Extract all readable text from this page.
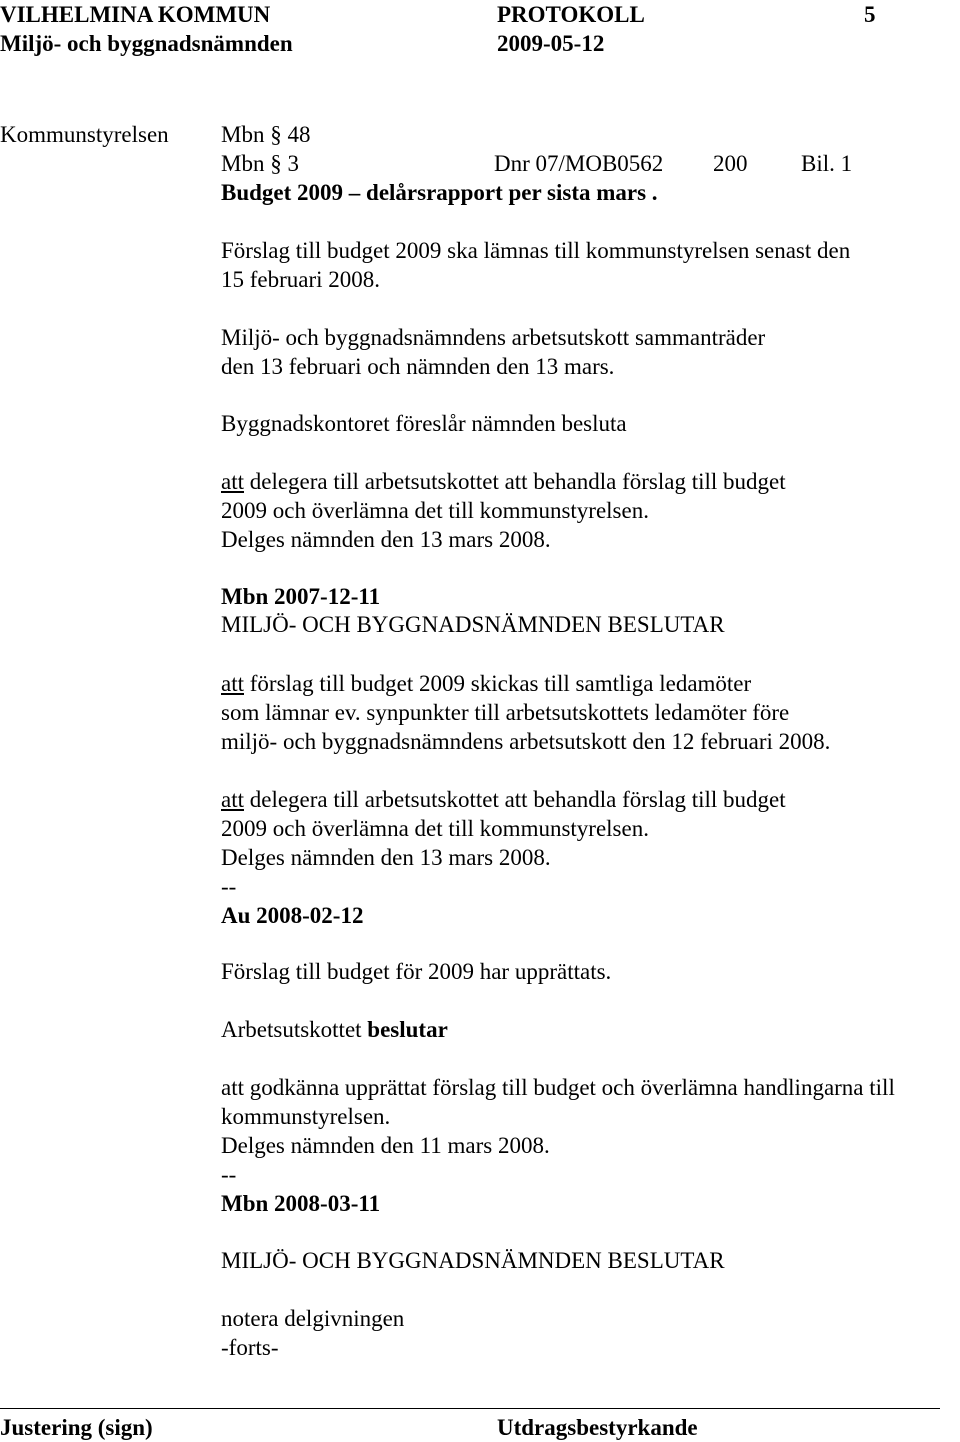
VILHELMINA KOMMUN	PROTOKOLL	5
Miljö- och byggnadsnämnden	2009-05-12
Kommunstyrelsen Mbn § 48
Mbn § 3	Dnr 07/MOB0562 200 Bil. 1
Budget 2009 – delårsrapport per sista mars .
Förslag till budget 2009 ska lämnas till kommunstyrelsen senast den
15 februari 2008.
Miljö- och byggnadsnämndens arbetsutskott sammanträder
den 13 februari och nämnden den 13 mars.
Byggnadskontoret föreslår nämnden besluta
att delegera till arbetsutskottet att behandla förslag till budget
2009 och överlämna det till kommunstyrelsen.
Delges nämnden den 13 mars 2008.
Mbn 2007-12-11
MILJÖ- OCH BYGGNADSNÄMNDEN BESLUTAR
att förslag till budget 2009 skickas till samtliga ledamöter
som lämnar ev. synpunkter till arbetsutskottets ledamöter före
miljö- och byggnadsnämndens arbetsutskott den 12 februari 2008.
att delegera till arbetsutskottet att behandla förslag till budget
2009 och överlämna det till kommunstyrelsen.
Delges nämnden den 13 mars 2008.
--
Au 2008-02-12
Förslag till budget för 2009 har upprättats.
Arbetsutskottet beslutar
att godkänna upprättat förslag till budget och överlämna handlingarna till
kommunstyrelsen.
Delges nämnden den 11 mars 2008.
--
Mbn 2008-03-11
MILJÖ- OCH BYGGNADSNÄMNDEN BESLUTAR
notera delgivningen
-forts-
Justering (sign)	Utdragsbestyrkande
